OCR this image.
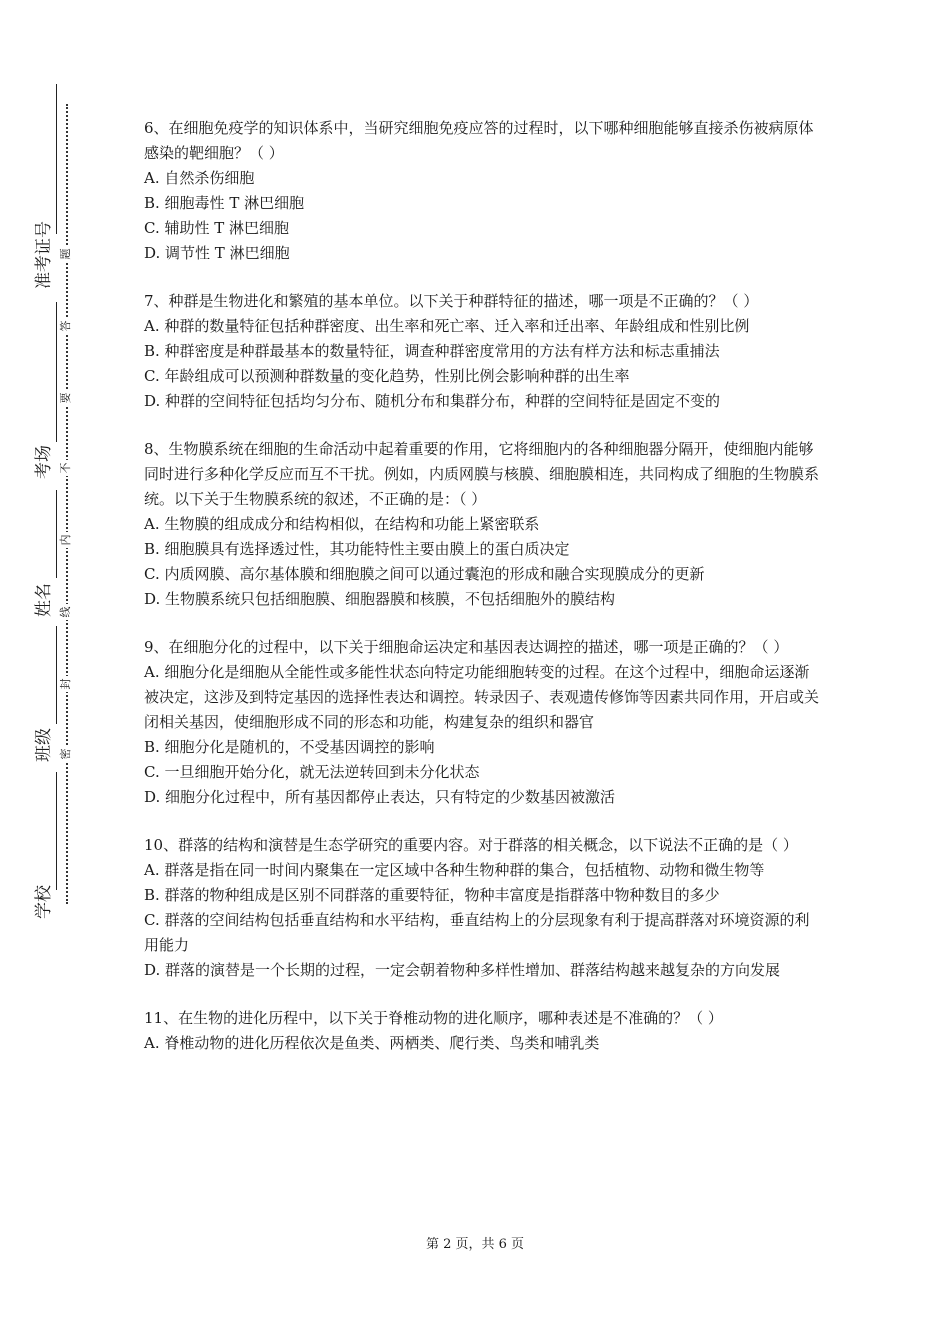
准考证号
考场
姓名
班级
学校
题
答
要
不
内
线
封
密

6、在细胞免疫学的知识体系中，当研究细胞免疫应答的过程时，以下哪种细胞能够直接杀伤被病原体感染的靶细胞？（ ）

A. 自然杀伤细胞

B. 细胞毒性 T 淋巴细胞

C. 辅助性 T 淋巴细胞

D. 调节性 T 淋巴细胞

7、种群是生物进化和繁殖的基本单位。以下关于种群特征的描述，哪一项是不正确的？（ ）

A. 种群的数量特征包括种群密度、出生率和死亡率、迁入率和迁出率、年龄组成和性别比例

B. 种群密度是种群最基本的数量特征，调查种群密度常用的方法有样方法和标志重捕法

C. 年龄组成可以预测种群数量的变化趋势，性别比例会影响种群的出生率

D. 种群的空间特征包括均匀分布、随机分布和集群分布，种群的空间特征是固定不变的

8、生物膜系统在细胞的生命活动中起着重要的作用，它将细胞内的各种细胞器分隔开，使细胞内能够同时进行多种化学反应而互不干扰。例如，内质网膜与核膜、细胞膜相连，共同构成了细胞的生物膜系统。以下关于生物膜系统的叙述，不正确的是：（ ）

A. 生物膜的组成成分和结构相似，在结构和功能上紧密联系

B. 细胞膜具有选择透过性，其功能特性主要由膜上的蛋白质决定

C. 内质网膜、高尔基体膜和细胞膜之间可以通过囊泡的形成和融合实现膜成分的更新

D. 生物膜系统只包括细胞膜、细胞器膜和核膜，不包括细胞外的膜结构

9、在细胞分化的过程中，以下关于细胞命运决定和基因表达调控的描述，哪一项是正确的？（ ）

A. 细胞分化是细胞从全能性或多能性状态向特定功能细胞转变的过程。在这个过程中，细胞命运逐渐被决定，这涉及到特定基因的选择性表达和调控。转录因子、表观遗传修饰等因素共同作用，开启或关闭相关基因，使细胞形成不同的形态和功能，构建复杂的组织和器官

B. 细胞分化是随机的，不受基因调控的影响

C. 一旦细胞开始分化，就无法逆转回到未分化状态

D. 细胞分化过程中，所有基因都停止表达，只有特定的少数基因被激活

10、群落的结构和演替是生态学研究的重要内容。对于群落的相关概念，以下说法不正确的是（ ）

A. 群落是指在同一时间内聚集在一定区域中各种生物种群的集合，包括植物、动物和微生物等

B. 群落的物种组成是区别不同群落的重要特征，物种丰富度是指群落中物种数目的多少

C. 群落的空间结构包括垂直结构和水平结构，垂直结构上的分层现象有利于提高群落对环境资源的利用能力

D. 群落的演替是一个长期的过程，一定会朝着物种多样性增加、群落结构越来越复杂的方向发展

11、在生物的进化历程中，以下关于脊椎动物的进化顺序，哪种表述是不准确的？（ ）

A. 脊椎动物的进化历程依次是鱼类、两栖类、爬行类、鸟类和哺乳类

第 2 页，共 6 页
